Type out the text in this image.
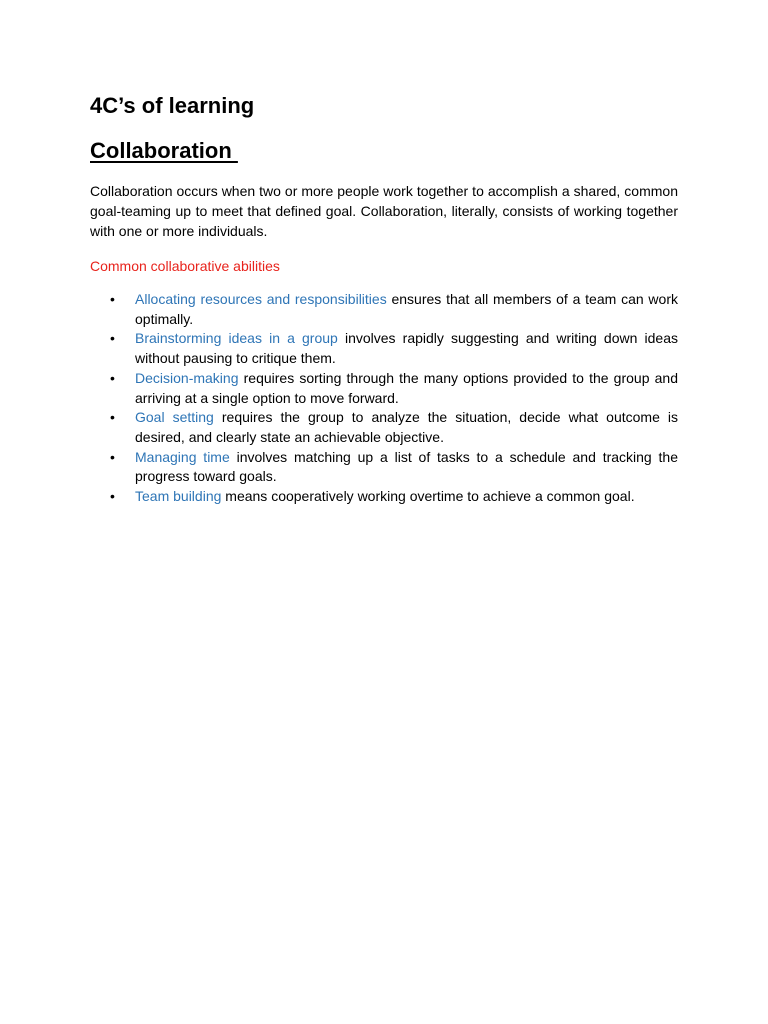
4C’s of learning
Collaboration

Collaboration occurs when two or more people work together to accomplish a shared, common goal-teaming up to meet that defined goal. Collaboration, literally, consists of working together with one or more individuals.

Common collaborative abilities

• Allocating resources and responsibilities ensures that all members of a team can work optimally.
• Brainstorming ideas in a group involves rapidly suggesting and writing down ideas without pausing to critique them.
• Decision-making requires sorting through the many options provided to the group and arriving at a single option to move forward.
• Goal setting requires the group to analyze the situation, decide what outcome is desired, and clearly state an achievable objective.
• Managing time involves matching up a list of tasks to a schedule and tracking the progress toward goals.
• Team building means cooperatively working overtime to achieve a common goal.
